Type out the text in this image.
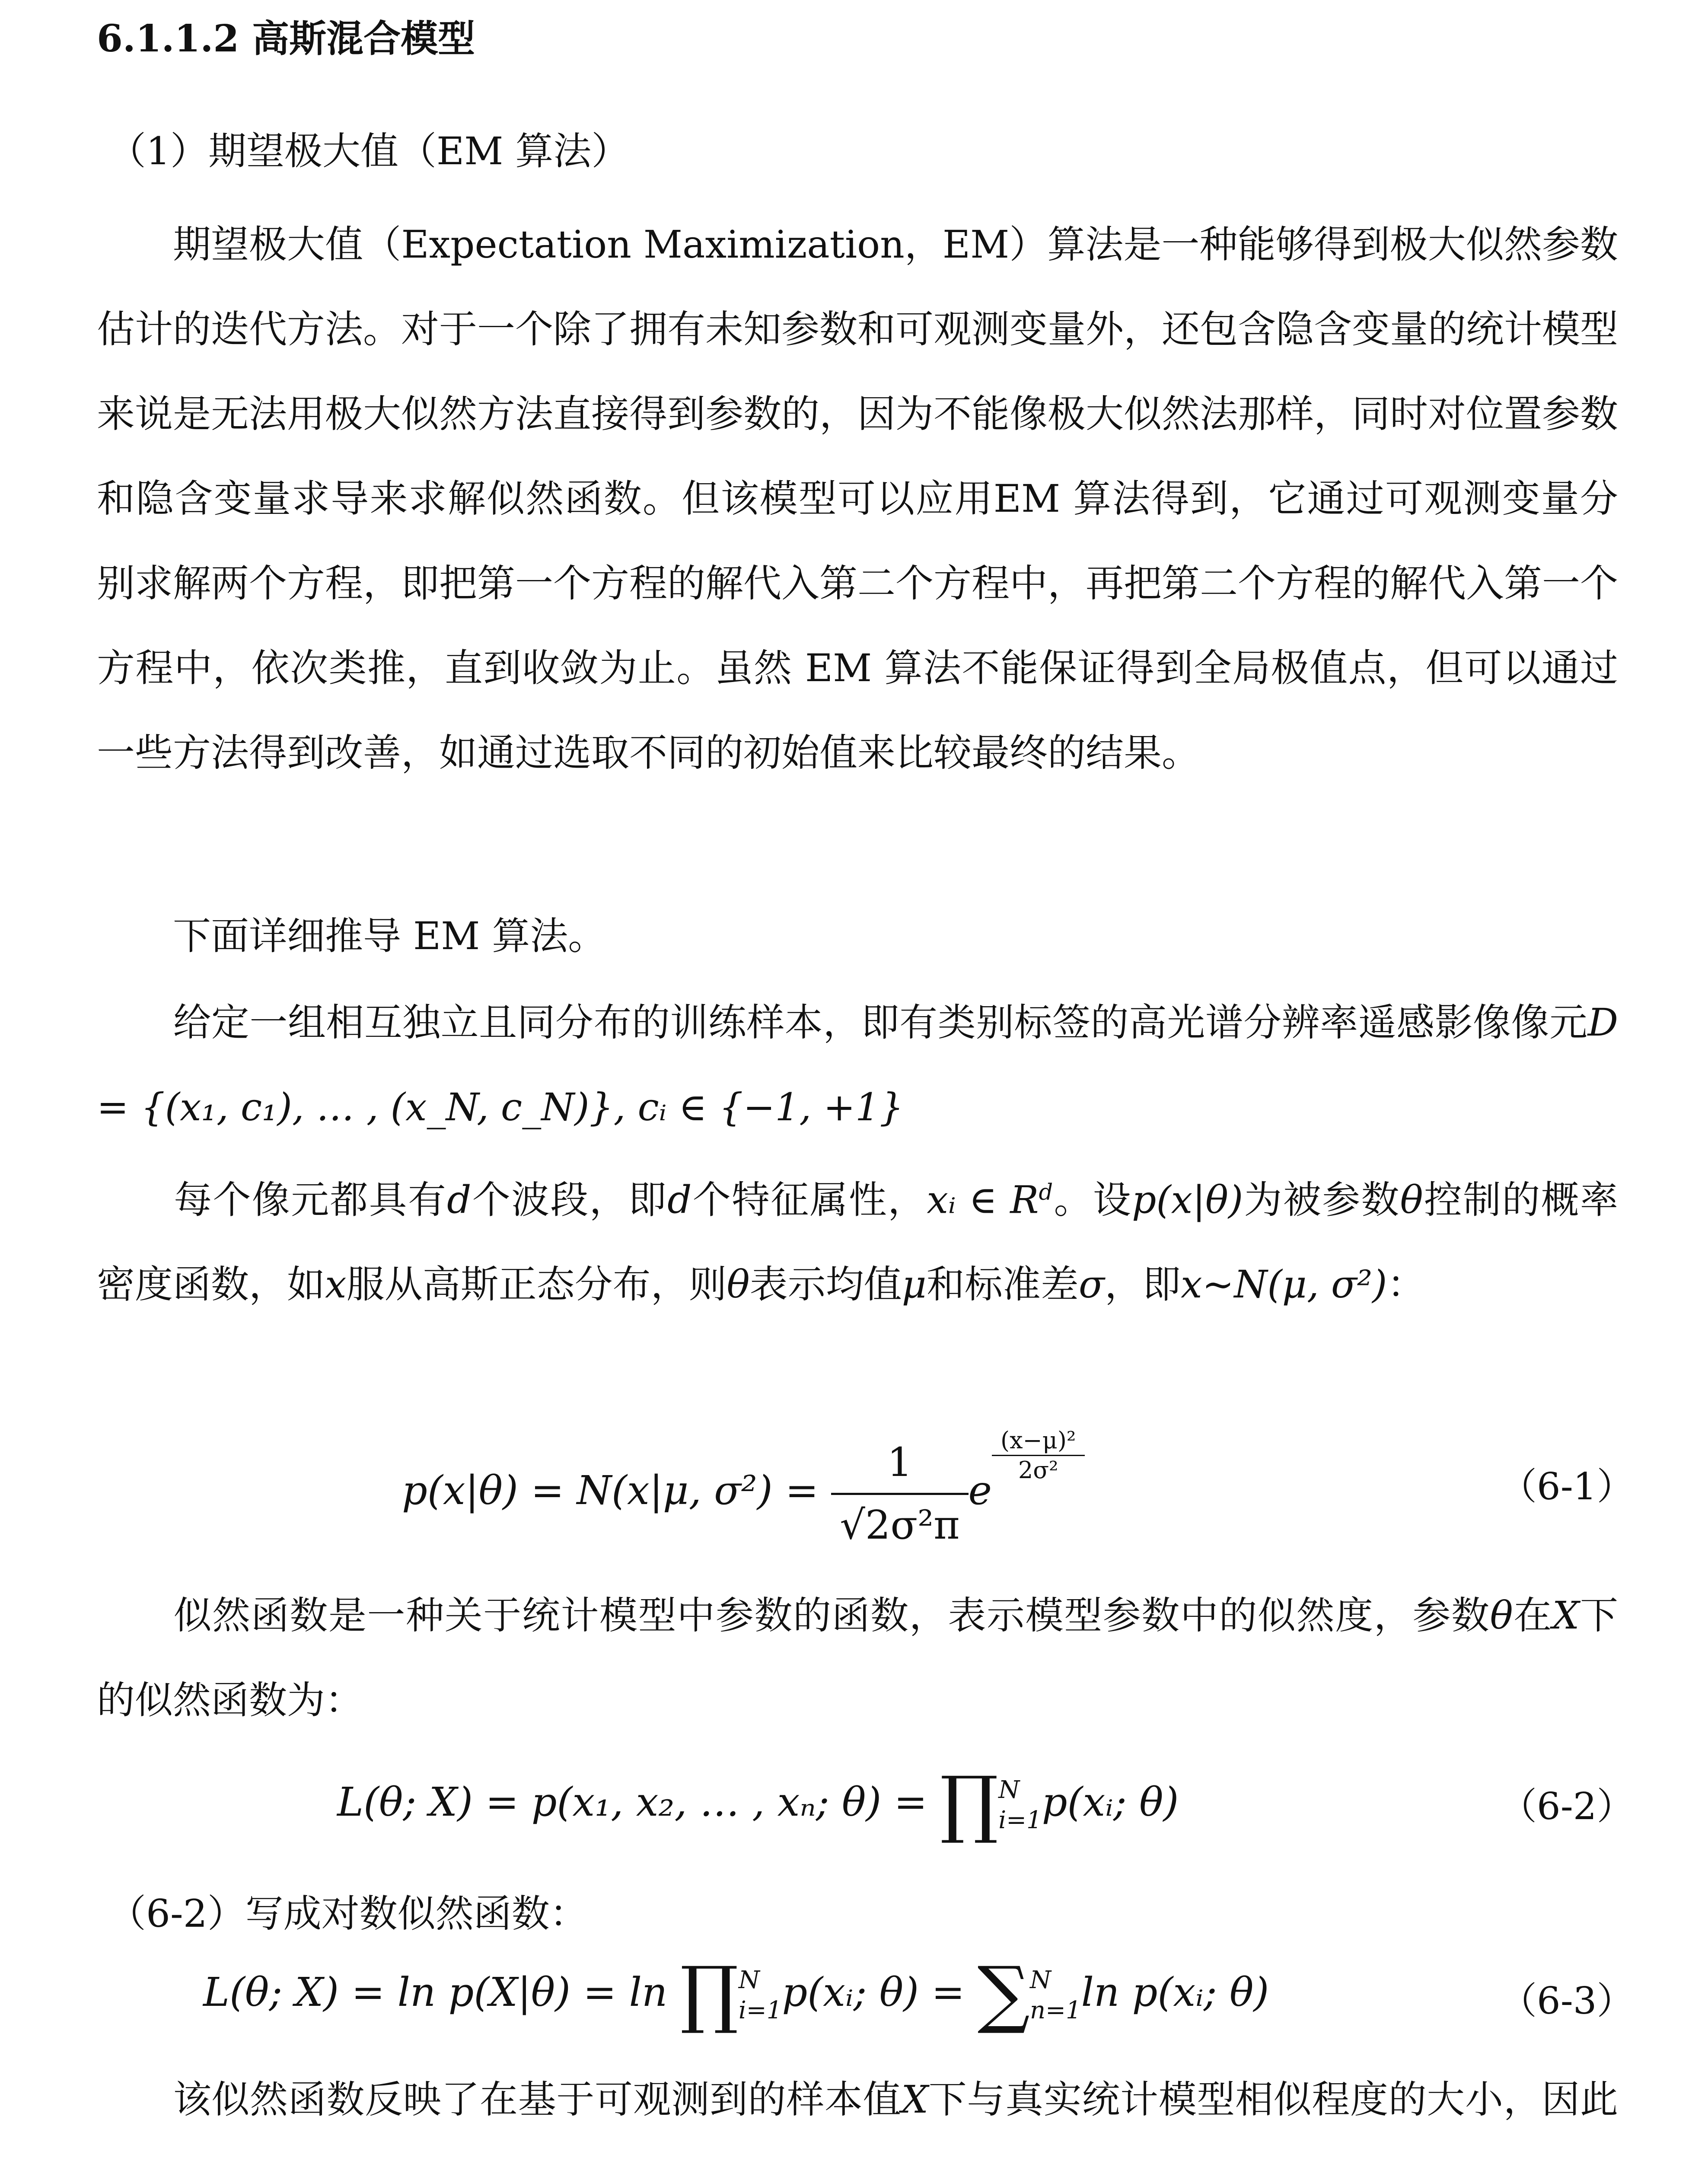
6.1.1.2 高斯混合模型
（1）期望极大值（EM 算法）
期望极大值（Expectation Maximization，EM）算法是一种能够得到极大似然参数估计的迭代方法。对于一个除了拥有未知参数和可观测变量外，还包含隐含变量的统计模型来说是无法用极大似然方法直接得到参数的，因为不能像极大似然法那样，同时对位置参数和隐含变量求导来求解似然函数。但该模型可以应用EM 算法得到，它通过可观测变量分别求解两个方程，即把第一个方程的解代入第二个方程中，再把第二个方程的解代入第一个方程中，依次类推，直到收敛为止。虽然 EM 算法不能保证得到全局极值点，但可以通过一些方法得到改善，如通过选取不同的初始值来比较最终的结果。
下面详细推导 EM 算法。
给定一组相互独立且同分布的训练样本，即有类别标签的高光谱分辨率遥感影像像元D = {(x₁, c₁), … , (x_N, c_N)}, cᵢ ∈ {−1, +1}
每个像元都具有d个波段，即d个特征属性，xᵢ ∈ $R^d$。设p(x|θ)为被参数θ控制的概率密度函数，如x服从高斯正态分布，则θ表示均值μ和标准差σ，即x~N(μ, σ²)：
p(x|θ) = N(x|μ, $\sigma^2) = \frac{1}{\text{√2σ²π}}$ e
$\frac{\text{(x−μ)²}}{\text{2σ²}}$
（6-1）
似然函数是一种关于统计模型中参数的函数，表示模型参数中的似然度，参数θ在X下的似然函数为：
L(θ; X) = p(x₁, x₂, … , xₙ; θ) = ∏ N
i=1 p(xᵢ; θ)	（6-2）
（6-2）写成对数似然函数：
L(θ; X) = ln p(X|θ) = ln ∏ N
i=1 p(xᵢ; θ) = ∑ N
n=1 ln p(xᵢ; θ)	（6-3）
该似然函数反映了在基于可观测到的样本值X下与真实统计模型相似程度的大小，因此
